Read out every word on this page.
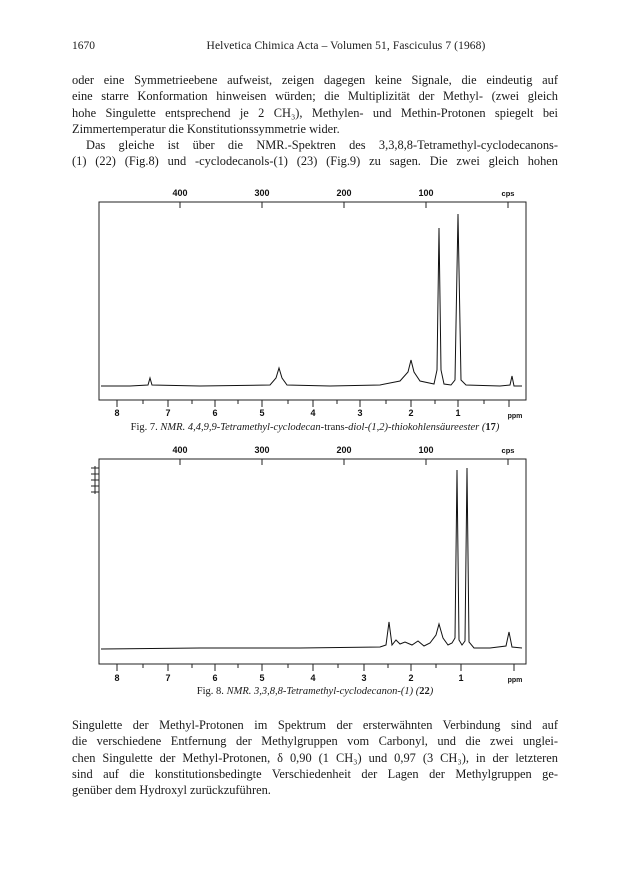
1670	Helvetica Chimica Acta – Volumen 51, Fasciculus 7 (1968)
oder eine Symmetrieebene aufweist, zeigen dagegen keine Signale, die eindeutig auf
eine starre Konformation hinweisen würden; die Multiplizität der Methyl- (zwei gleich
hohe Singulette entsprechend je 2 CH₃), Methylen- und Methin-Protonen spiegelt bei
Zimmertemperatur die Konstitutionssymmetrie wider.
Das gleiche ist über die NMR.-Spektren des 3,3,8,8-Tetramethyl-cyclodecanons-
(1) (22) (Fig.8) und -cyclodecanols-(1) (23) (Fig.9) zu sagen. Die zwei gleich hohen
400	300	200	100	cps
8	7	6	5	4	3	2	1	ppm
Fig. 7. NMR. 4,4,9,9-Tetramethyl-cyclodecan-trans-diol-(1,2)-thiokohlensäureester (17)
400	300	200	100	cps
8	7	6	5	4	3	2	1	ppm
Fig. 8. NMR. 3,3,8,8-Tetramethyl-cyclodecanon-(1) (22)
Singulette der Methyl-Protonen im Spektrum der ersterwähnten Verbindung sind auf
die verschiedene Entfernung der Methylgruppen vom Carbonyl, und die zwei unglei-
chen Singulette der Methyl-Protonen, δ 0,90 (1 CH₃) und 0,97 (3 CH₃), in der letzteren
sind auf die konstitutionsbedingte Verschiedenheit der Lagen der Methylgruppen ge-
genüber dem Hydroxyl zurückzuführen.
